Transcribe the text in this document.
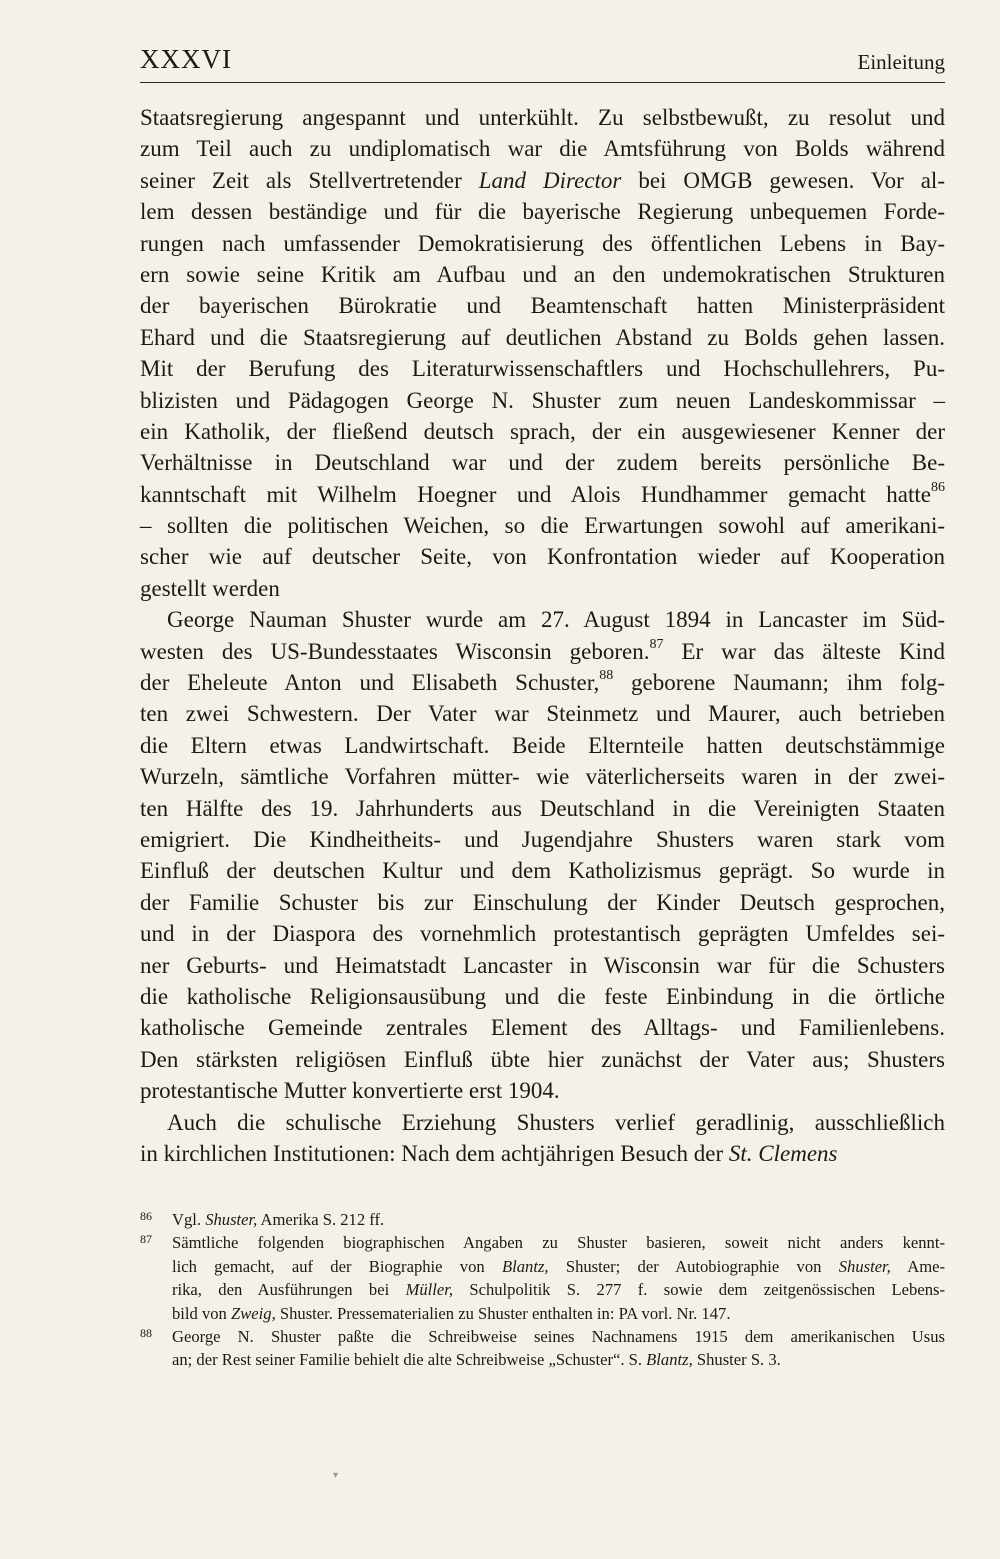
XXXVI	Einleitung
Staatsregierung angespannt und unterkühlt. Zu selbstbewußt, zu resolut und
zum Teil auch zu undiplomatisch war die Amtsführung von Bolds während
seiner Zeit als Stellvertretender Land Director bei OMGB gewesen. Vor al-
lem dessen beständige und für die bayerische Regierung unbequemen Forde-
rungen nach umfassender Demokratisierung des öffentlichen Lebens in Bay-
ern sowie seine Kritik am Aufbau und an den undemokratischen Strukturen
der bayerischen Bürokratie und Beamtenschaft hatten Ministerpräsident
Ehard und die Staatsregierung auf deutlichen Abstand zu Bolds gehen lassen.
Mit der Berufung des Literaturwissenschaftlers und Hochschullehrers, Pu-
blizisten und Pädagogen George N. Shuster zum neuen Landeskommissar –
ein Katholik, der fließend deutsch sprach, der ein ausgewiesener Kenner der
Verhältnisse in Deutschland war und der zudem bereits persönliche Be-
kanntschaft mit Wilhelm Hoegner und Alois Hundhammer gemacht hatte$^{86}$
– sollten die politischen Weichen, so die Erwartungen sowohl auf amerikani-
scher wie auf deutscher Seite, von Konfrontation wieder auf Kooperation
gestellt werden
George Nauman Shuster wurde am 27. August 1894 in Lancaster im Süd-
westen des US-Bundesstaates Wisconsin geboren.$^{87}$ Er war das älteste Kind
der Eheleute Anton und Elisabeth Schuster,$^{88}$ geborene Naumann; ihm folg-
ten zwei Schwestern. Der Vater war Steinmetz und Maurer, auch betrieben
die Eltern etwas Landwirtschaft. Beide Elternteile hatten deutschstämmige
Wurzeln, sämtliche Vorfahren mütter- wie väterlicherseits waren in der zwei-
ten Hälfte des 19. Jahrhunderts aus Deutschland in die Vereinigten Staaten
emigriert. Die Kindheitheits- und Jugendjahre Shusters waren stark vom
Einfluß der deutschen Kultur und dem Katholizismus geprägt. So wurde in
der Familie Schuster bis zur Einschulung der Kinder Deutsch gesprochen,
und in der Diaspora des vornehmlich protestantisch geprägten Umfeldes sei-
ner Geburts- und Heimatstadt Lancaster in Wisconsin war für die Schusters
die katholische Religionsausübung und die feste Einbindung in die örtliche
katholische Gemeinde zentrales Element des Alltags- und Familienlebens.
Den stärksten religiösen Einfluß übte hier zunächst der Vater aus; Shusters
protestantische Mutter konvertierte erst 1904.
Auch die schulische Erziehung Shusters verlief geradlinig, ausschließlich
in kirchlichen Institutionen: Nach dem achtjährigen Besuch der St. Clemens
86 Vgl. Shuster, Amerika S. 212 ff.
87 Sämtliche folgenden biographischen Angaben zu Shuster basieren, soweit nicht anders kennt-
lich gemacht, auf der Biographie von Blantz, Shuster; der Autobiographie von Shuster, Ame-
rika, den Ausführungen bei Müller, Schulpolitik S. 277 f. sowie dem zeitgenössischen Lebens-
bild von Zweig, Shuster. Pressematerialien zu Shuster enthalten in: PA vorl. Nr. 147.
88 George N. Shuster paßte die Schreibweise seines Nachnamens 1915 dem amerikanischen Usus
an; der Rest seiner Familie behielt die alte Schreibweise „Schuster“. S. Blantz, Shuster S. 3.
▾
